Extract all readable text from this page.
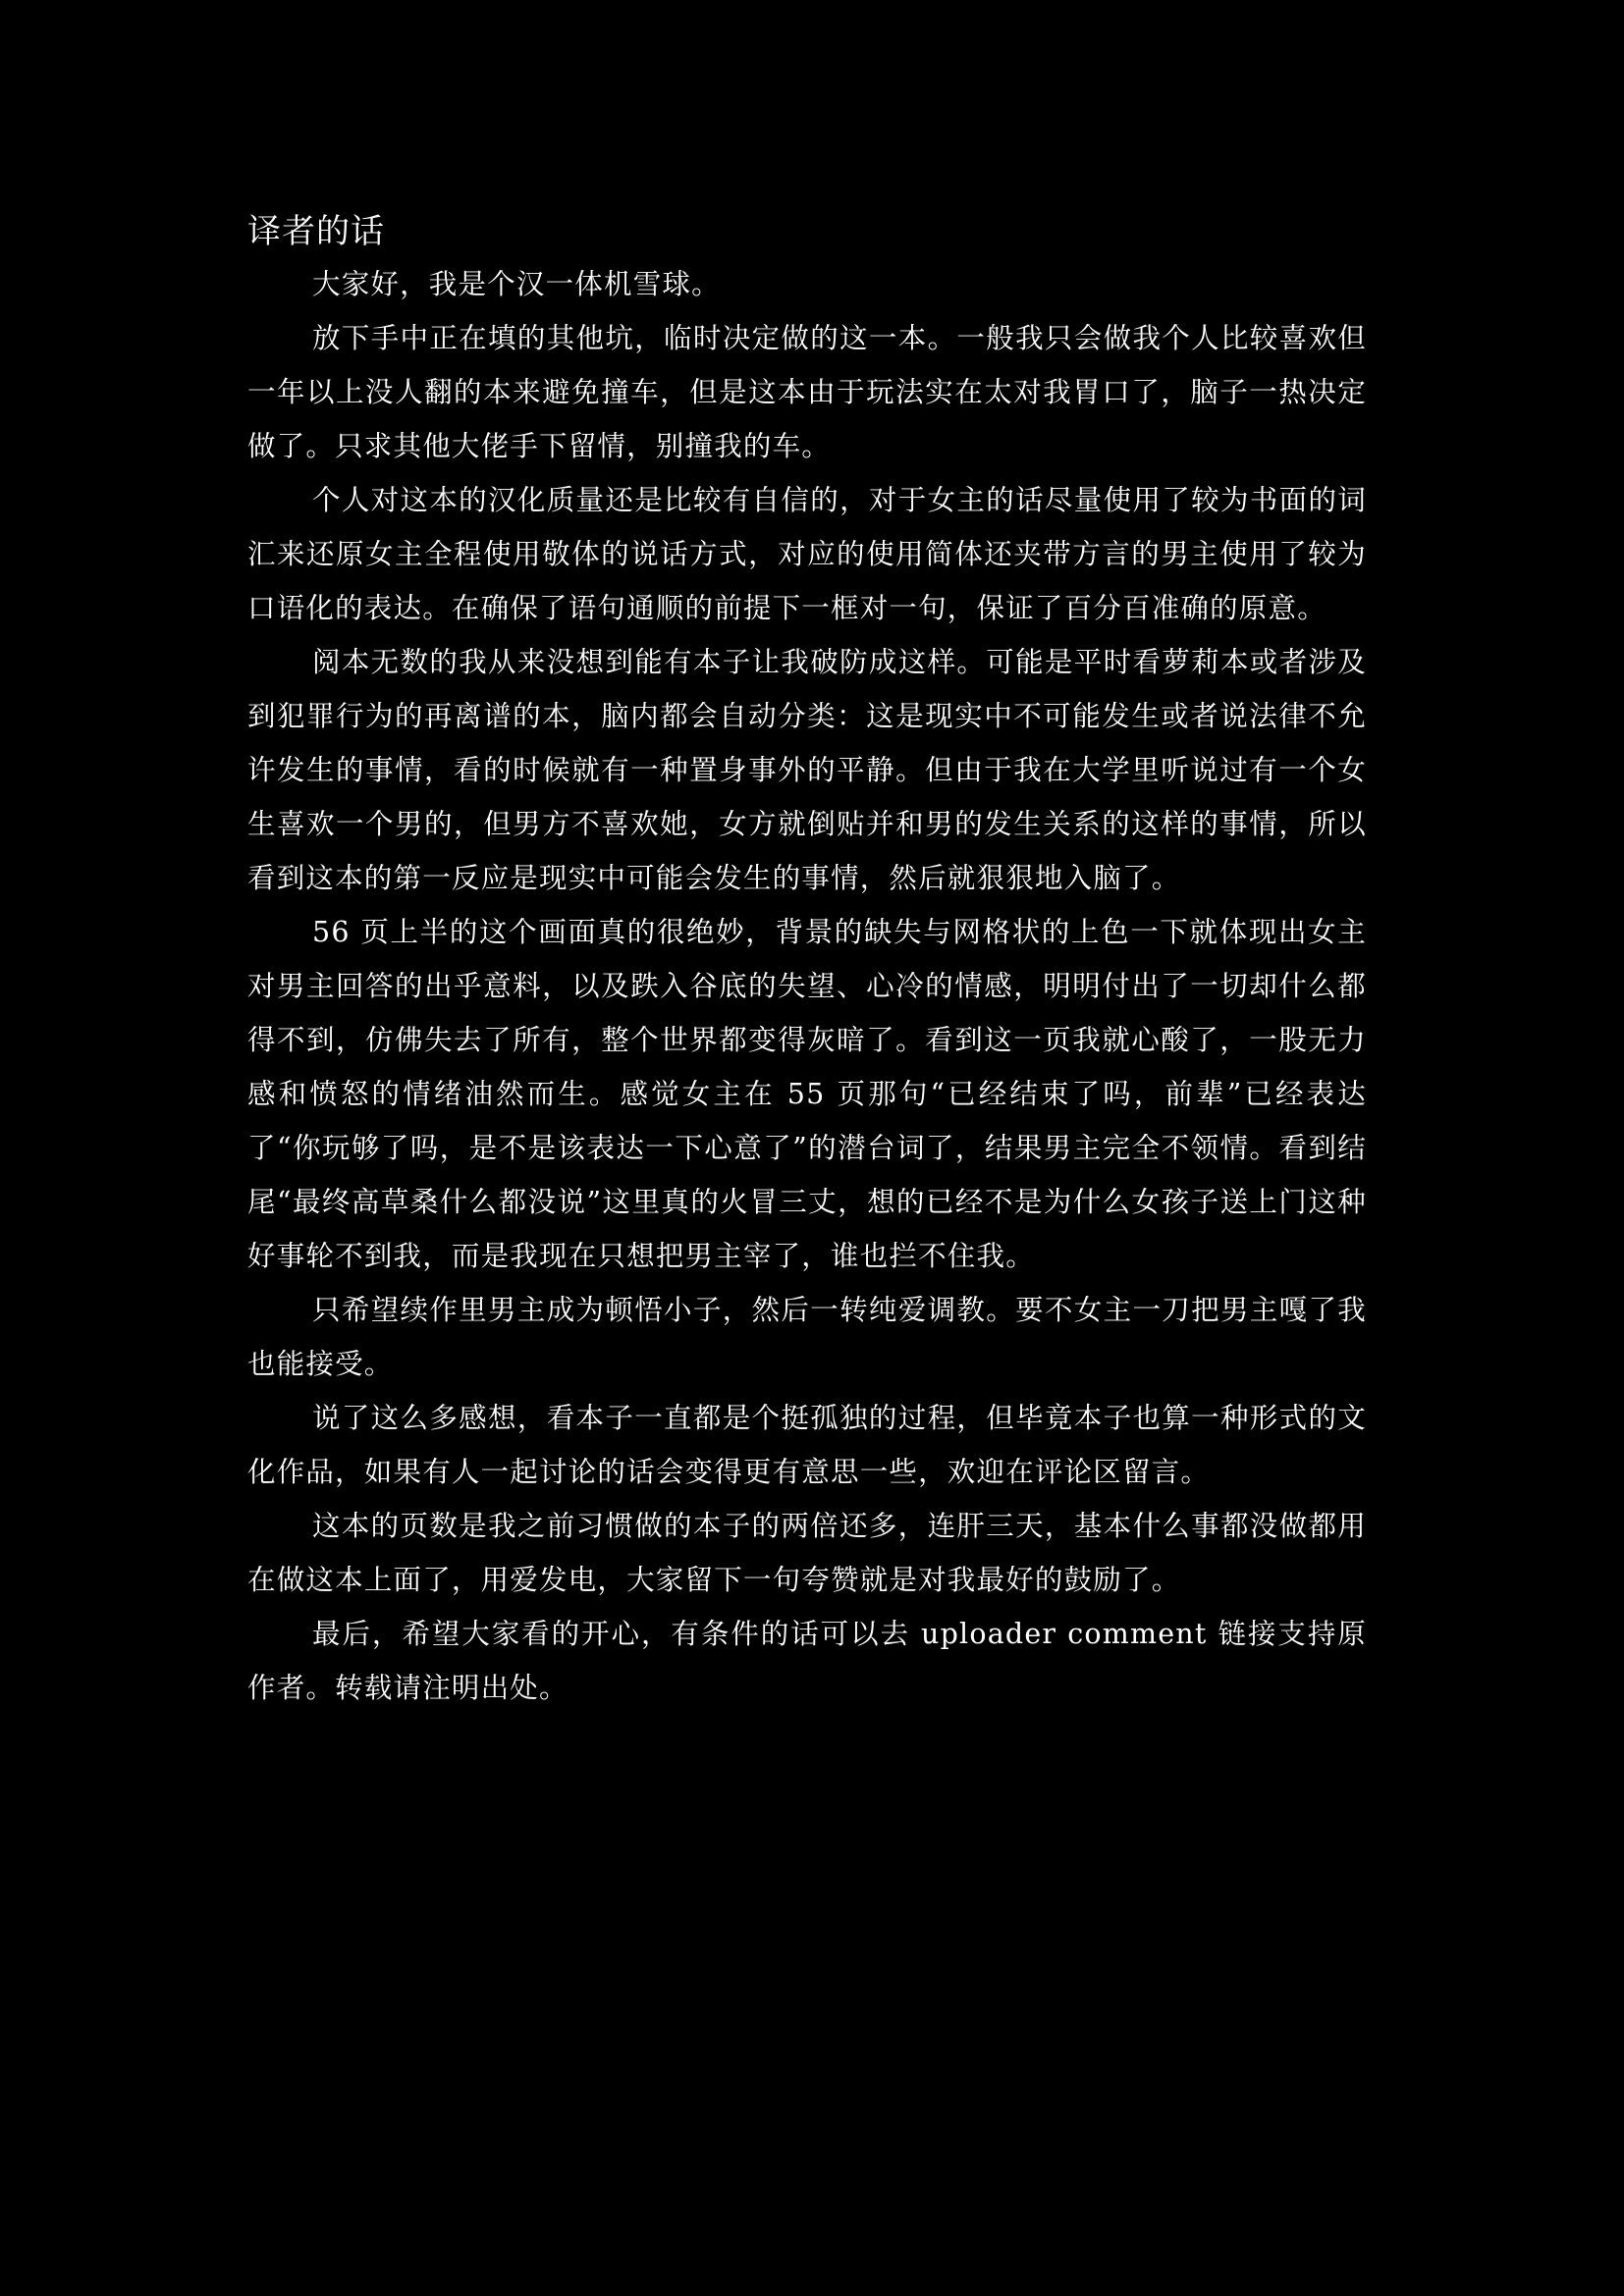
译者的话

大家好，我是个汉一体机雪球。

放下手中正在填的其他坑，临时决定做的这一本。一般我只会做我个人比较喜欢但一年以上没人翻的本来避免撞车，但是这本由于玩法实在太对我胃口了，脑子一热决定做了。只求其他大佬手下留情，别撞我的车。

个人对这本的汉化质量还是比较有自信的，对于女主的话尽量使用了较为书面的词汇来还原女主全程使用敬体的说话方式，对应的使用简体还夹带方言的男主使用了较为口语化的表达。在确保了语句通顺的前提下一框对一句，保证了百分百准确的原意。

阅本无数的我从来没想到能有本子让我破防成这样。可能是平时看萝莉本或者涉及到犯罪行为的再离谱的本，脑内都会自动分类：这是现实中不可能发生或者说法律不允许发生的事情，看的时候就有一种置身事外的平静。但由于我在大学里听说过有一个女生喜欢一个男的，但男方不喜欢她，女方就倒贴并和男的发生关系的这样的事情，所以看到这本的第一反应是现实中可能会发生的事情，然后就狠狠地入脑了。

56 页上半的这个画面真的很绝妙，背景的缺失与网格状的上色一下就体现出女主对男主回答的出乎意料，以及跌入谷底的失望、心冷的情感，明明付出了一切却什么都得不到，仿佛失去了所有，整个世界都变得灰暗了。看到这一页我就心酸了，一股无力感和愤怒的情绪油然而生。感觉女主在 55 页那句“已经结束了吗，前辈”已经表达了“你玩够了吗，是不是该表达一下心意了”的潜台词了，结果男主完全不领情。看到结尾“最终高草桑什么都没说”这里真的火冒三丈，想的已经不是为什么女孩子送上门这种好事轮不到我，而是我现在只想把男主宰了，谁也拦不住我。

只希望续作里男主成为顿悟小子，然后一转纯爱调教。要不女主一刀把男主嘎了我也能接受。

说了这么多感想，看本子一直都是个挺孤独的过程，但毕竟本子也算一种形式的文化作品，如果有人一起讨论的话会变得更有意思一些，欢迎在评论区留言。

这本的页数是我之前习惯做的本子的两倍还多，连肝三天，基本什么事都没做都用在做这本上面了，用爱发电，大家留下一句夸赞就是对我最好的鼓励了。

最后，希望大家看的开心，有条件的话可以去 uploader comment 链接支持原作者。转载请注明出处。
